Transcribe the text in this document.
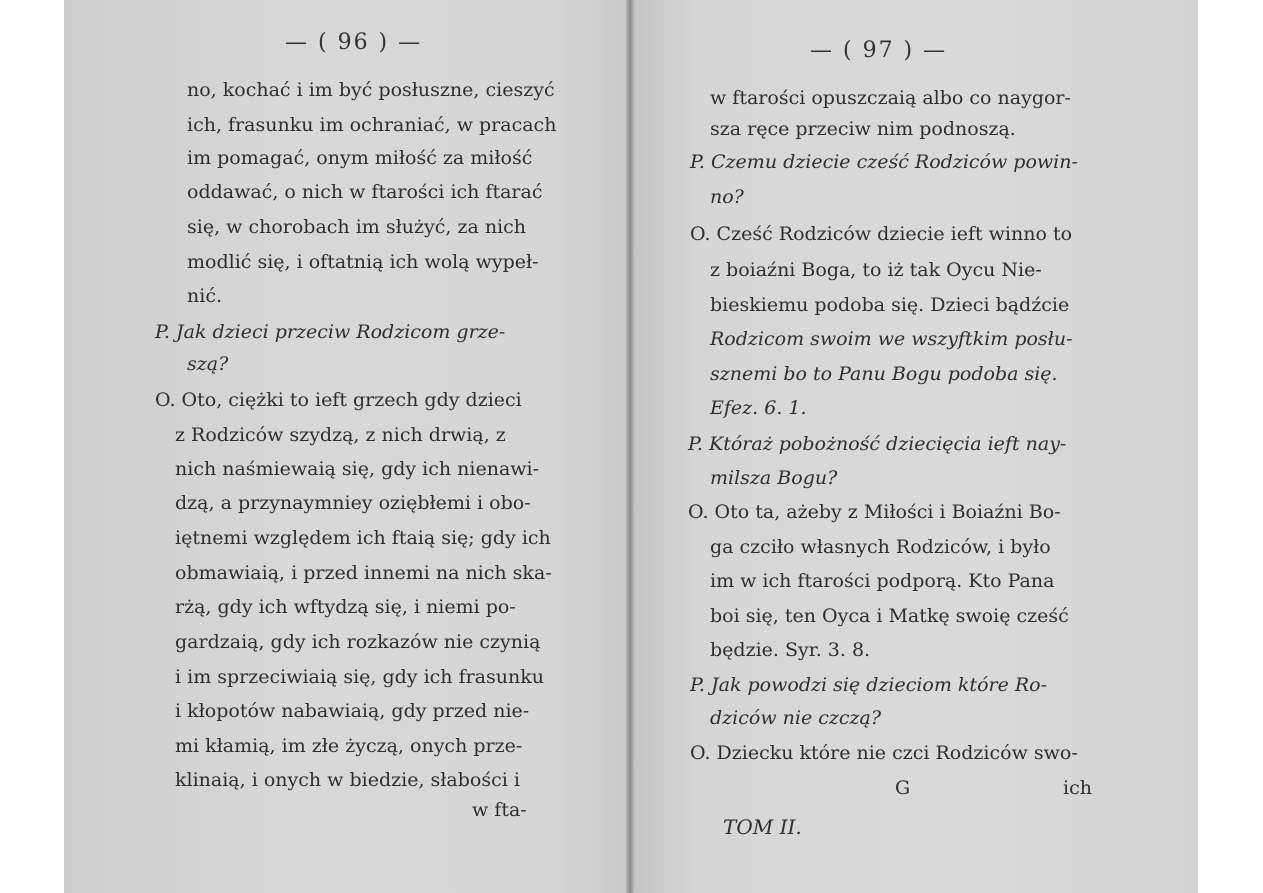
— ( 96 ) —
no, kochać i im być posłuszne, cieszyć
ich, frasunku im ochraniać, w pracach
im pomagać, onym miłość za miłość
oddawać, o nich w ftarości ich ftarać
się, w chorobach im służyć, za nich
modlić się, i oftatnią ich wolą wypeł-
nić.
P. Jak dzieci przeciw Rodzicom grze-
szą?
O. Oto, ciężki to ieft grzech gdy dzieci
z Rodziców szydzą, z nich drwią, z
nich naśmiewaią się, gdy ich nienawi-
dzą, a przynaymniey oziębłemi i obo-
iętnemi względem ich ftaią się; gdy ich
obmawiaią, i przed innemi na nich ska-
rżą, gdy ich wftydzą się, i niemi po-
gardzaią, gdy ich rozkazów nie czynią
i im sprzeciwiaią się, gdy ich frasunku
i kłopotów nabawiaią, gdy przed nie-
mi kłamią, im złe życzą, onych prze-
klinaią, i onych w biedzie, słabości i
w fta-
— ( 97 ) —
w ftarości opuszczaią albo co naygor-
sza ręce przeciw nim podnoszą.
P. Czemu dziecie cześć Rodziców powin-
no?
O. Cześć Rodziców dziecie ieft winno to
z boiaźni Boga, to iż tak Oycu Nie-
bieskiemu podoba się. Dzieci bądźcie
Rodzicom swoim we wszyftkim posłu-
sznemi bo to Panu Bogu podoba się.
Efez. 6. 1.
P. Któraż pobożność dziecięcia ieft nay-
milsza Bogu?
O. Oto ta, ażeby z Miłości i Boiaźni Bo-
ga czciło własnych Rodziców, i było
im w ich ftarości podporą. Kto Pana
boi się, ten Oyca i Matkę swoię cześć
będzie. Syr. 3. 8.
P. Jak powodzi się dzieciom które Ro-
dziców nie czczą?
O. Dziecku które nie czci Rodziców swo-
G	ich
TOM II.
